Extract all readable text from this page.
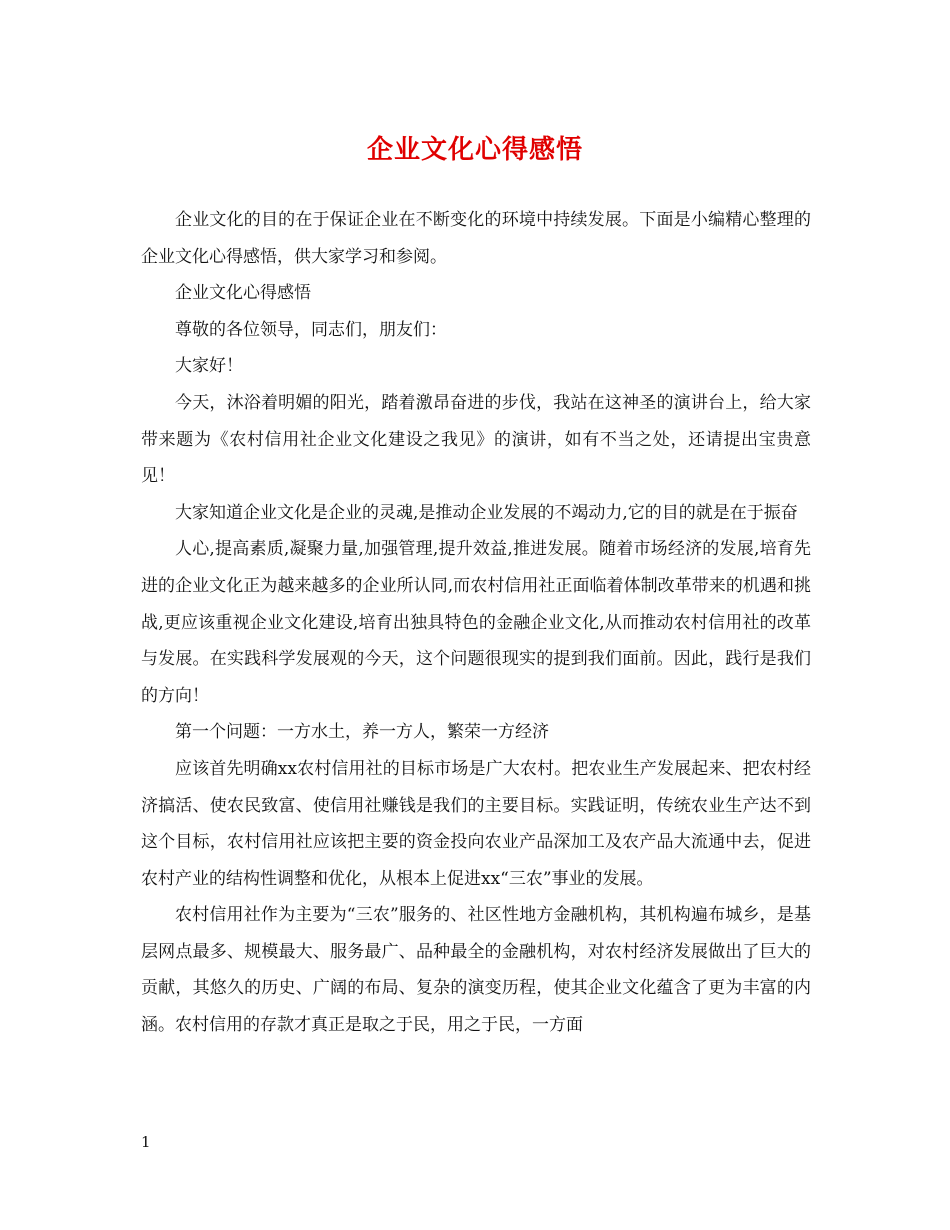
企业文化心得感悟

企业文化的目的在于保证企业在不断变化的环境中持续发展。下面是小编精心整理的企业文化心得感悟，供大家学习和参阅。

企业文化心得感悟

尊敬的各位领导，同志们，朋友们：

大家好！

今天，沐浴着明媚的阳光，踏着激昂奋进的步伐，我站在这神圣的演讲台上，给大家带来题为《农村信用社企业文化建设之我见》的演讲，如有不当之处，还请提出宝贵意见！

大家知道企业文化是企业的灵魂,是推动企业发展的不竭动力,它的目的就是在于振奋

人心,提高素质,凝聚力量,加强管理,提升效益,推进发展。随着市场经济的发展,培育先进的企业文化正为越来越多的企业所认同,而农村信用社正面临着体制改革带来的机遇和挑战,更应该重视企业文化建设,培育出独具特色的金融企业文化,从而推动农村信用社的改革与发展。在实践科学发展观的今天，这个问题很现实的提到我们面前。因此，践行是我们的方向！

第一个问题：一方水土，养一方人，繁荣一方经济

应该首先明确xx农村信用社的目标市场是广大农村。把农业生产发展起来、把农村经济搞活、使农民致富、使信用社赚钱是我们的主要目标。实践证明，传统农业生产达不到这个目标，农村信用社应该把主要的资金投向农业产品深加工及农产品大流通中去，促进农村产业的结构性调整和优化，从根本上促进xx“三农”事业的发展。

农村信用社作为主要为“三农”服务的、社区性地方金融机构，其机构遍布城乡，是基层网点最多、规模最大、服务最广、品种最全的金融机构，对农村经济发展做出了巨大的贡献，其悠久的历史、广阔的布局、复杂的演变历程，使其企业文化蕴含了更为丰富的内涵。农村信用的存款才真正是取之于民，用之于民，一方面

1
